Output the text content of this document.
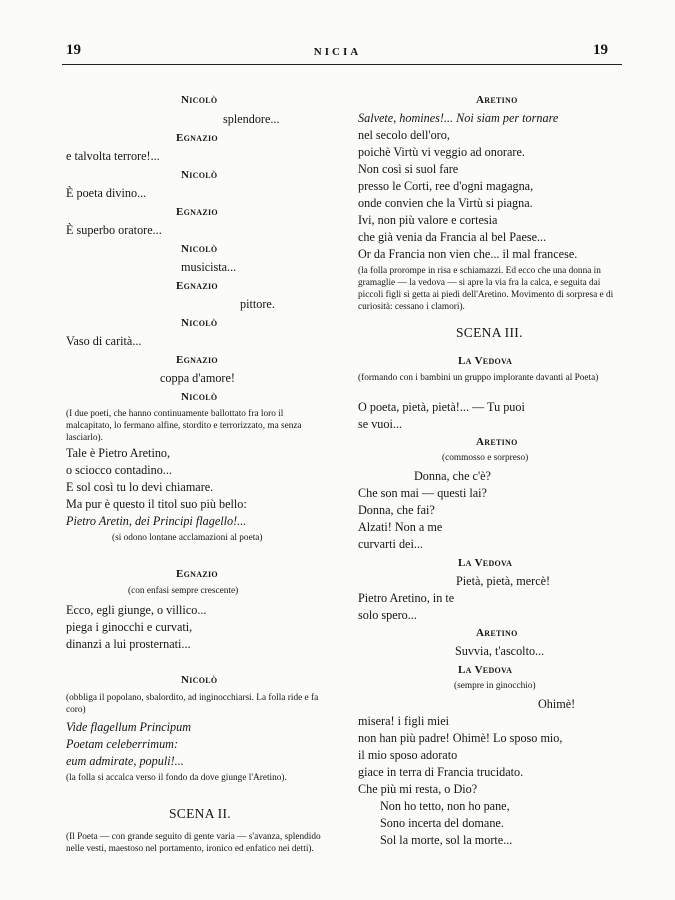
19	NICIA	19
Nicolò
splendore...
Egnazio
e talvolta terrore!...
Nicolò
È poeta divino...
Egnazio
È superbo oratore...
Nicolò
musicista...
Egnazio
pittore.
Nicolò
Vaso di carità...
Egnazio
coppa d'amore!
Nicolò
(I due poeti, che hanno continuamente ballottato fra loro il malcapitato, lo fermano alfine, stordito e terrorizzato, ma senza lasciarlo).
Tale è Pietro Aretino,
o sciocco contadino...
E sol così tu lo devi chiamare.
Ma pur è questo il titol suo più bello:
Pietro Aretin, dei Principi flagello!...
(si odono lontane acclamazioni al poeta)
Egnazio
(con enfasi sempre crescente)
Ecco, egli giunge, o villico...
piega i ginocchi e curvati,
dinanzi a lui prosternati...
Nicolò
(obbliga il popolano, sbalordito, ad inginocchiarsi. La folla ride e fa coro)
Vide flagellum Principum
Poetam celeberrimum:
eum admirate, populi!...
(la folla si accalca verso il fondo da dove giunge l'Aretino).
SCENA II.
(Il Poeta — con grande seguito di gente varia — s'avanza, splendido nelle vesti, maestoso nel portamento, ironico ed enfatico nei detti).
Aretino
Salvete, homines!... Noi siam per tornare
nel secolo dell'oro,
poichè Virtù vi veggio ad onorare.
Non così si suol fare
presso le Corti, ree d'ogni magagna,
onde convien che la Virtù si piagna.
Ivi, non più valore e cortesia
che già venia da Francia al bel Paese...
Or da Francia non vien che... il mal francese.
(la folla prorompe in risa e schiamazzi. Ed ecco che una donna in gramaglie — la vedova — si apre la via fra la calca, e seguita dai piccoli figli si getta ai piedi dell'Aretino. Movimento di sorpresa e di curiosità: cessano i clamori).
SCENA III.
La Vedova
(formando con i bambini un gruppo implorante davanti al Poeta)
O poeta, pietà, pietà!... — Tu puoi
se vuoi...
Aretino
(commosso e sorpreso)
Donna, che c'è?
Che son mai — questi lai?
Donna, che fai?
Alzati! Non a me
curvarti dei...
La Vedova
Pietà, pietà, mercè!
Pietro Aretino, in te
solo spero...
Aretino
Suvvia, t'ascolto...
La Vedova
(sempre in ginocchio)
Ohimè!
misera! i figli miei
non han più padre! Ohimè! Lo sposo mio,
il mio sposo adorato
giace in terra di Francia trucidato.
Che più mi resta, o Dio?
Non ho tetto, non ho pane,
Sono incerta del domane.
Sol la morte, sol la morte...
